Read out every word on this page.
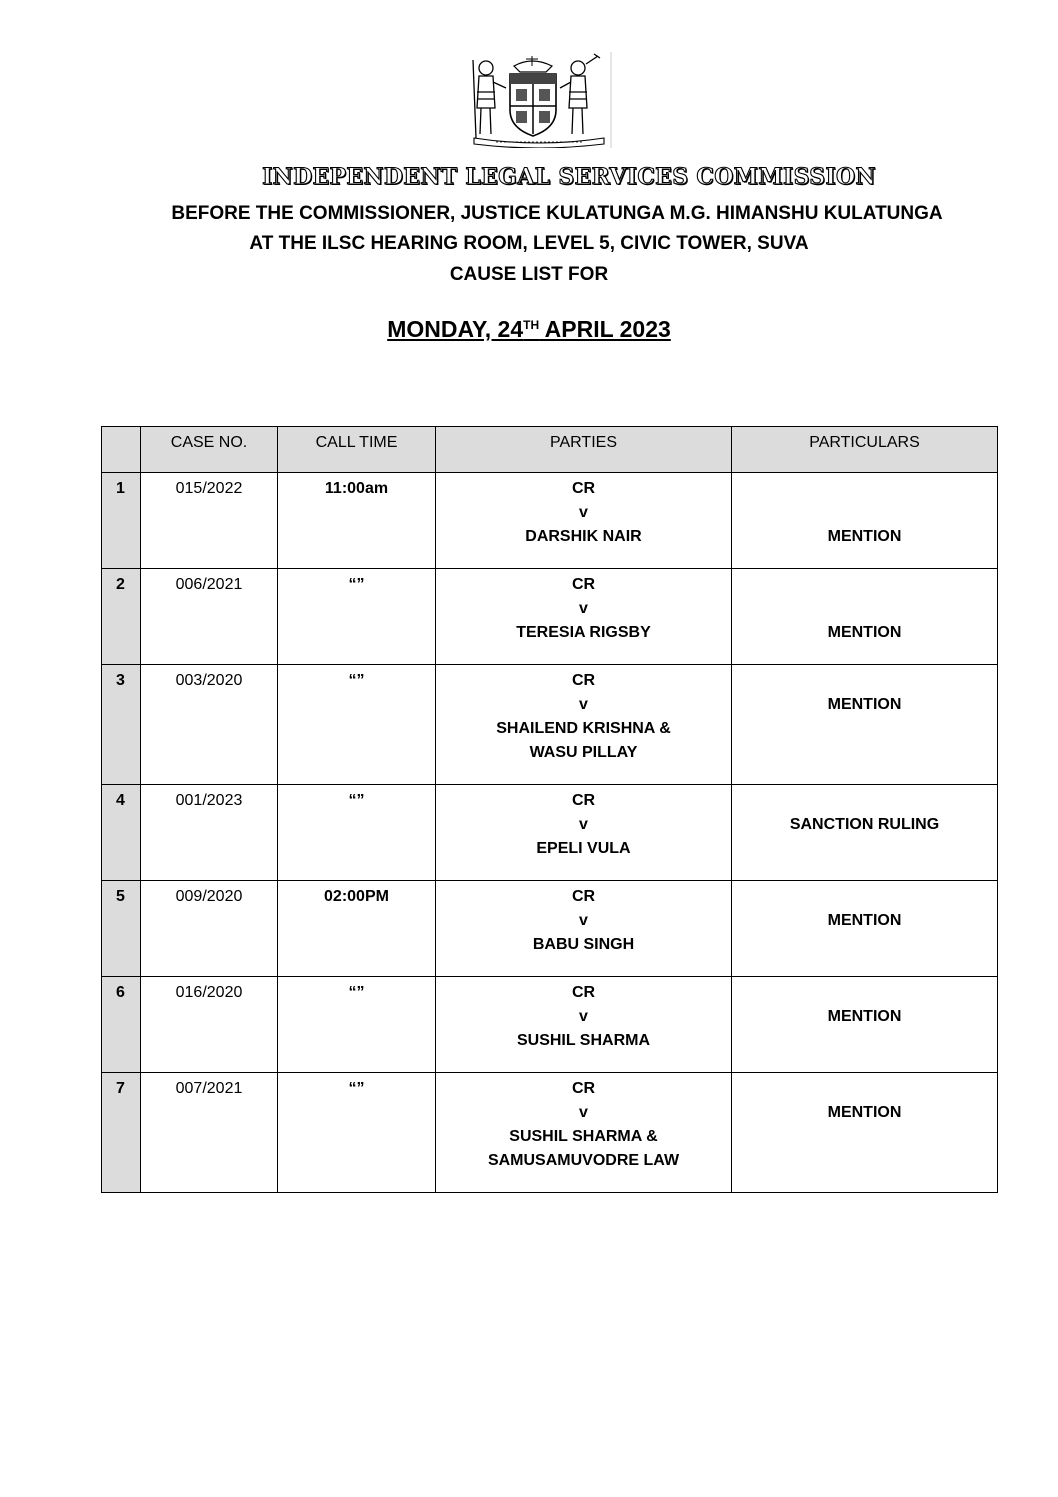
INDEPENDENT LEGAL SERVICES COMMISSION
BEFORE THE COMMISSIONER, JUSTICE KULATUNGA M.G. HIMANSHU KULATUNGA
AT THE ILSC HEARING ROOM, LEVEL 5, CIVIC TOWER, SUVA
CAUSE LIST FOR
MONDAY, 24TH APRIL 2023
	CASE NO.	CALL TIME	PARTIES	PARTICULARS
1	015/2022	11:00am	CR
v
DARSHIK NAIR	MENTION
2	006/2021	“”	CR
v
TERESIA RIGSBY	MENTION
3	003/2020	“”	CR
v
SHAILEND KRISHNA &
WASU PILLAY	MENTION
4	001/2023	“”	CR
v
EPELI VULA	SANCTION RULING
5	009/2020	02:00PM	CR
v
BABU SINGH	MENTION
6	016/2020	“”	CR
v
SUSHIL SHARMA	MENTION
7	007/2021	“”	CR
v
SUSHIL SHARMA &
SAMUSAMUVODRE LAW	MENTION
